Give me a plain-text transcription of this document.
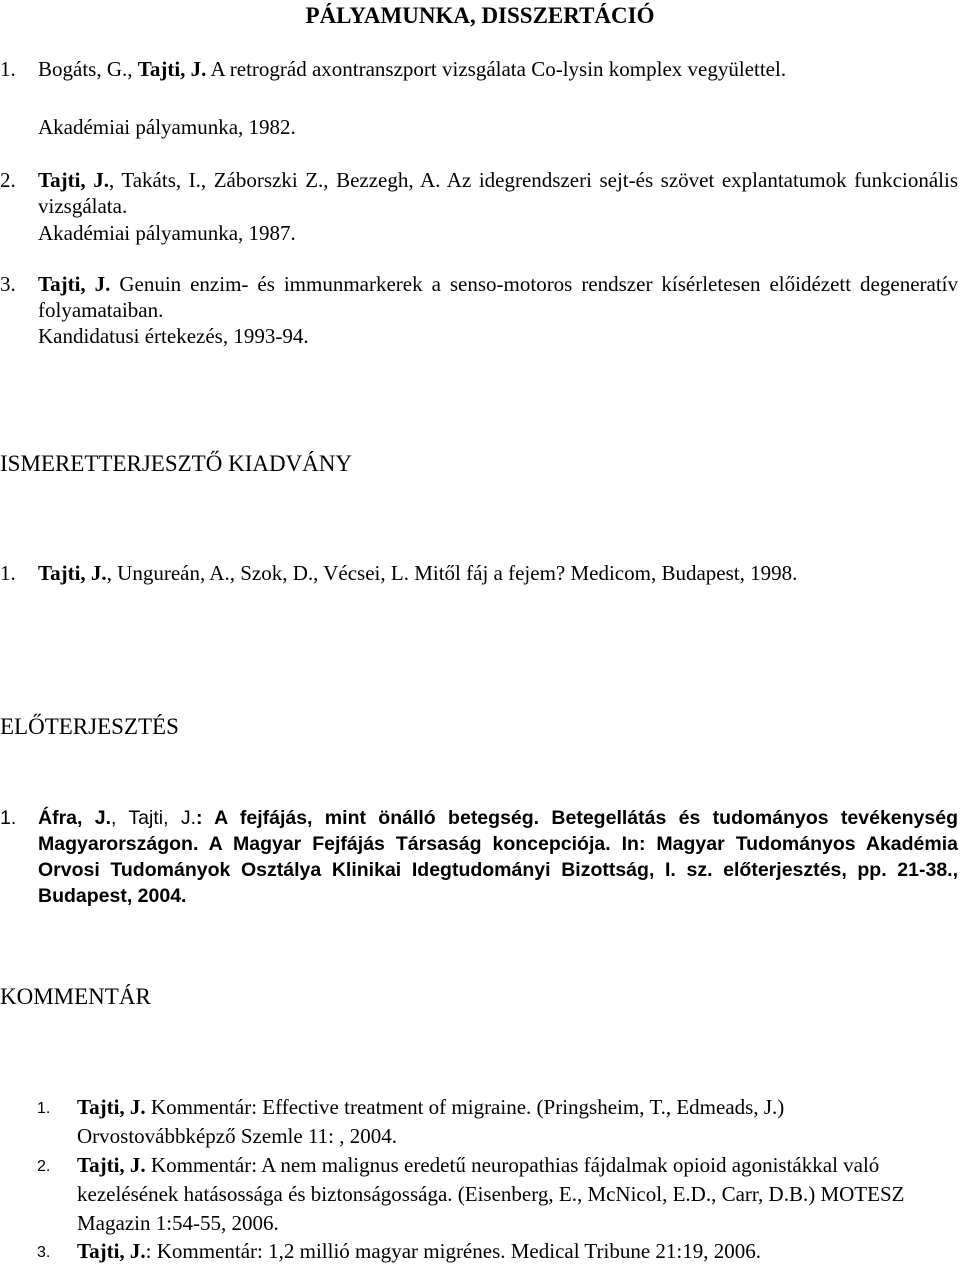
PÁLYAMUNKA, DISSZERTÁCIÓ
1. Bogáts, G., Tajti, J. A retrográd axontranszport vizsgálata Co-lysin komplex vegyülettel.
Akadémiai pályamunka, 1982.
2. Tajti, J., Takáts, I., Záborszki Z., Bezzegh, A. Az idegrendszeri sejt-és szövet explantatumok funkcionális vizsgálata.
Akadémiai pályamunka, 1987.
3. Tajti, J. Genuin enzim- és immunmarkerek a senso-motoros rendszer kísérletesen előidézett degeneratív folyamataiban.
Kandidatusi értekezés, 1993-94.
ISMERETTERJESZTŐ KIADVÁNY
1. Tajti, J., Ungureán, A., Szok, D., Vécsei, L. Mitől fáj a fejem? Medicom, Budapest, 1998.
ELŐTERJESZTÉS
1. Áfra, J., Tajti, J.: A fejfájás, mint önálló betegség. Betegellátás és tudományos tevékenység Magyarországon. A Magyar Fejfájás Társaság koncepciója. In: Magyar Tudományos Akadémia Orvosi Tudományok Osztálya Klinikai Idegtudományi Bizottság, I. sz. előterjesztés, pp. 21-38., Budapest, 2004.
KOMMENTÁR
1. Tajti, J. Kommentár: Effective treatment of migraine. (Pringsheim, T., Edmeads, J.) Orvostovábbképző Szemle 11: , 2004.
2. Tajti, J. Kommentár: A nem malignus eredetű neuropathias fájdalmak opioid agonistákkal való kezelésének hatásossága és biztonságossága. (Eisenberg, E., McNicol, E.D., Carr, D.B.) MOTESZ Magazin 1:54-55, 2006.
3. Tajti, J.: Kommentár: 1,2 millió magyar migrénes. Medical Tribune 21:19, 2006.
